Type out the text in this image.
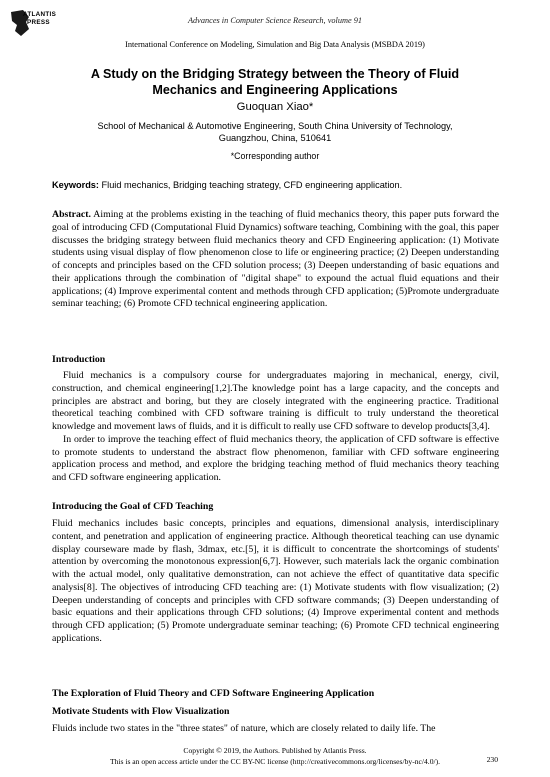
ATLANTIS
PRESS	Advances in Computer Science Research, volume 91
International Conference on Modeling, Simulation and Big Data Analysis (MSBDA 2019)
A Study on the Bridging Strategy between the Theory of Fluid
Mechanics and Engineering Applications
Guoquan Xiao*
School of Mechanical & Automotive Engineering, South China University of Technology,
Guangzhou, China, 510641
*Corresponding author
Keywords: Fluid mechanics, Bridging teaching strategy, CFD engineering application.
Abstract. Aiming at the problems existing in the teaching of fluid mechanics theory, this paper puts forward the goal of introducing CFD (Computational Fluid Dynamics) software teaching, Combining with the goal, this paper discusses the bridging strategy between fluid mechanics theory and CFD Engineering application: (1) Motivate students using visual display of flow phenomenon close to life or engineering practice; (2) Deepen understanding of concepts and principles based on the CFD solution process; (3) Deepen understanding of basic equations and their applications through the combination of "digital shape" to expound the actual fluid equations and their applications; (4) Improve experimental content and methods through CFD application; (5)Promote undergraduate seminar teaching; (6) Promote CFD technical engineering application.
Introduction

Fluid mechanics is a compulsory course for undergraduates majoring in mechanical, energy, civil, construction, and chemical engineering[1,2].The knowledge point has a large capacity, and the concepts and principles are abstract and boring, but they are closely integrated with the engineering practice. Traditional theoretical teaching combined with CFD software training is difficult to truly understand the theoretical knowledge and movement laws of fluids, and it is difficult to really use CFD software to develop products[3,4].

In order to improve the teaching effect of fluid mechanics theory, the application of CFD software is effective to promote students to understand the abstract flow phenomenon, familiar with CFD software engineering application process and method, and explore the bridging teaching method of fluid mechanics theory teaching and CFD software engineering application.

Introducing the Goal of CFD Teaching

Fluid mechanics includes basic concepts, principles and equations, dimensional analysis, interdisciplinary content, and penetration and application of engineering practice. Although theoretical teaching can use dynamic display courseware made by flash, 3dmax, etc.[5], it is difficult to concentrate the shortcomings of students' attention by overcoming the monotonous expression[6,7]. However, such materials lack the organic combination with the actual model, only qualitative demonstration, can not achieve the effect of quantitative data specific analysis[8]. The objectives of introducing CFD teaching are: (1) Motivate students with flow visualization; (2) Deepen understanding of concepts and principles with CFD software commands; (3) Deepen understanding of basic equations and their applications through CFD solutions; (4) Improve experimental content and methods through CFD application; (5) Promote undergraduate seminar teaching; (6) Promote CFD technical engineering applications.

The Exploration of Fluid Theory and CFD Software Engineering Application
Motivate Students with Flow Visualization

Fluids include two states in the "three states" of nature, which are closely related to daily life. The

Copyright © 2019, the Authors. Published by Atlantis Press.
This is an open access article under the CC BY-NC license (http://creativecommons.org/licenses/by-nc/4.0/).	230
